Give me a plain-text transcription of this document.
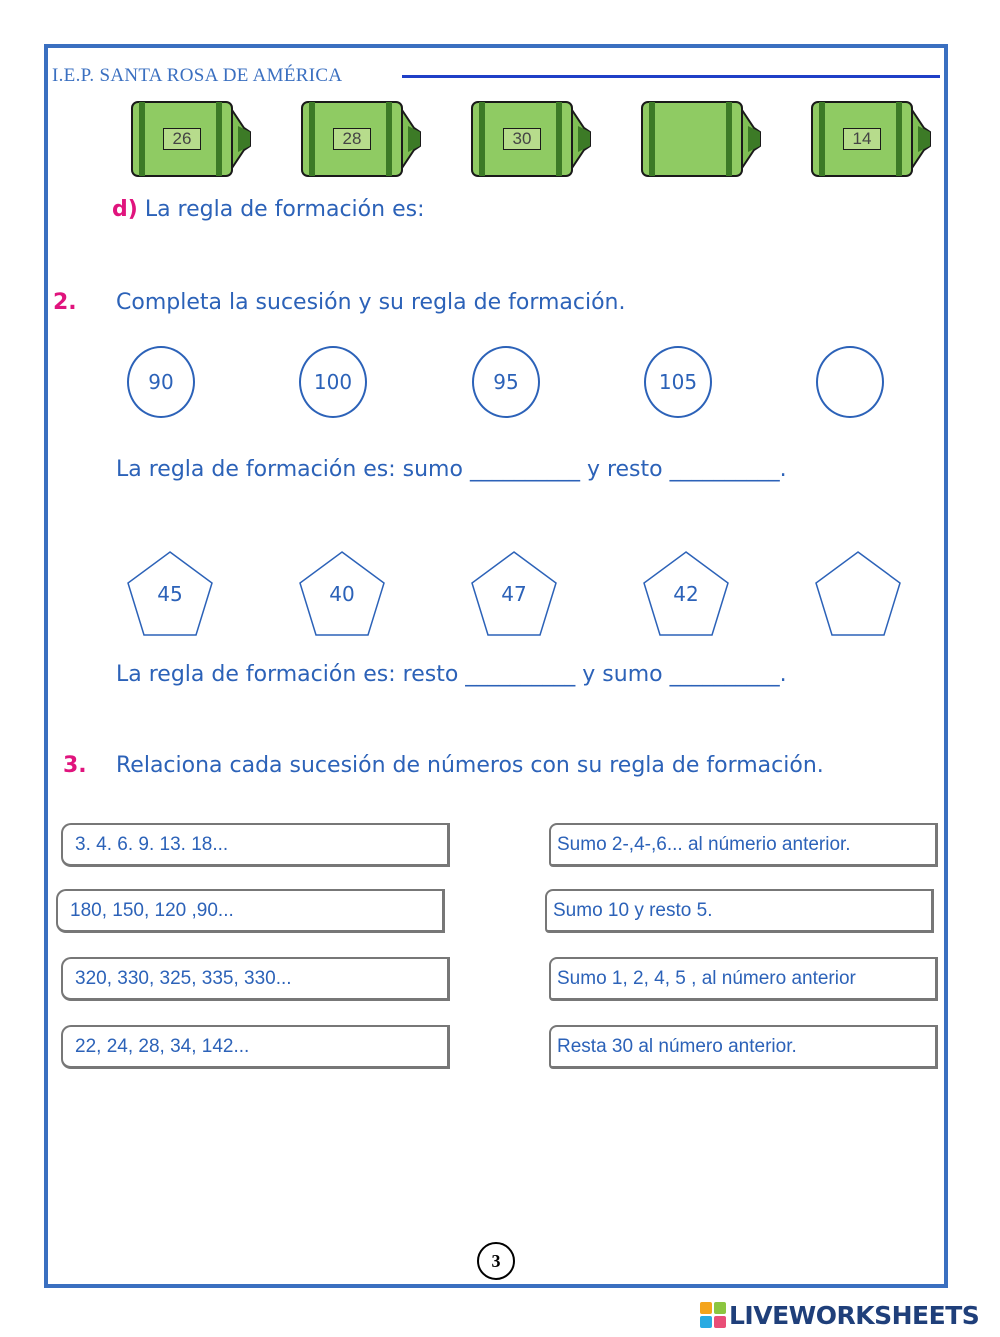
I.E.P. SANTA ROSA DE AMÉRICA
26	28	30	14
d) La regla de formación es:
2. Completa la sucesión y su regla de formación.
90	100	95	105
La regla de formación es: sumo __________ y resto __________.
45	40	47	42
La regla de formación es: resto __________ y sumo __________.
3. Relaciona cada sucesión de números con su regla de formación.
3. 4. 6. 9. 13. 18...
180, 150, 120 ,90...
320, 330, 325, 335, 330...
22, 24, 28, 34, 142...
Sumo 2-,4-,6... al númerio anterior.
Sumo 10 y resto 5.
Sumo 1, 2, 4, 5 , al número anterior
Resta 30 al número anterior.
3
LIVEWORKSHEETS
